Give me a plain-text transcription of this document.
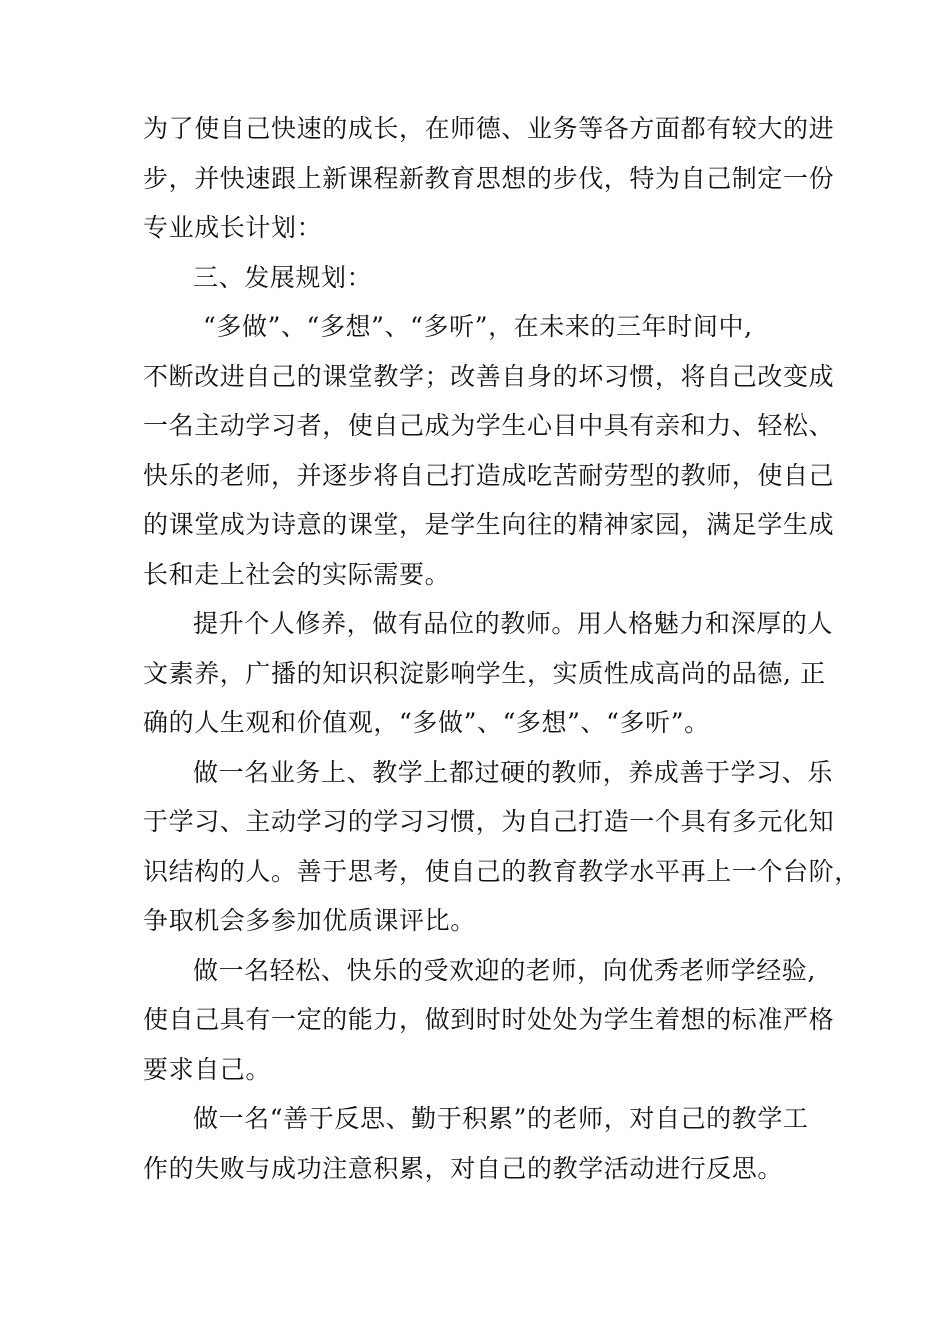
为了使自己快速的成长，在师德、业务等各方面都有较大的进
步，并快速跟上新课程新教育思想的步伐，特为自己制定一份
专业成长计划：
三、发展规划：
“多做”、“多想”、“多听”，在未来的三年时间中,
不断改进自己的课堂教学；改善自身的坏习惯，将自己改变成
一名主动学习者，使自己成为学生心目中具有亲和力、轻松、
快乐的老师，并逐步将自己打造成吃苦耐劳型的教师，使自己
的课堂成为诗意的课堂，是学生向往的精神家园，满足学生成
长和走上社会的实际需要。
提升个人修养，做有品位的教师。用人格魅力和深厚的人
文素养，广播的知识积淀影响学生，实质性成高尚的品德, 正
确的人生观和价值观，“多做”、“多想”、“多听”。
做一名业务上、教学上都过硬的教师，养成善于学习、乐
于学习、主动学习的学习习惯，为自己打造一个具有多元化知
识结构的人。善于思考，使自己的教育教学水平再上一个台阶，
争取机会多参加优质课评比。
做一名轻松、快乐的受欢迎的老师，向优秀老师学经验,
使自己具有一定的能力，做到时时处处为学生着想的标准严格
要求自己。
做一名“善于反思、勤于积累”的老师，对自己的教学工
作的失败与成功注意积累，对自己的教学活动进行反思。
